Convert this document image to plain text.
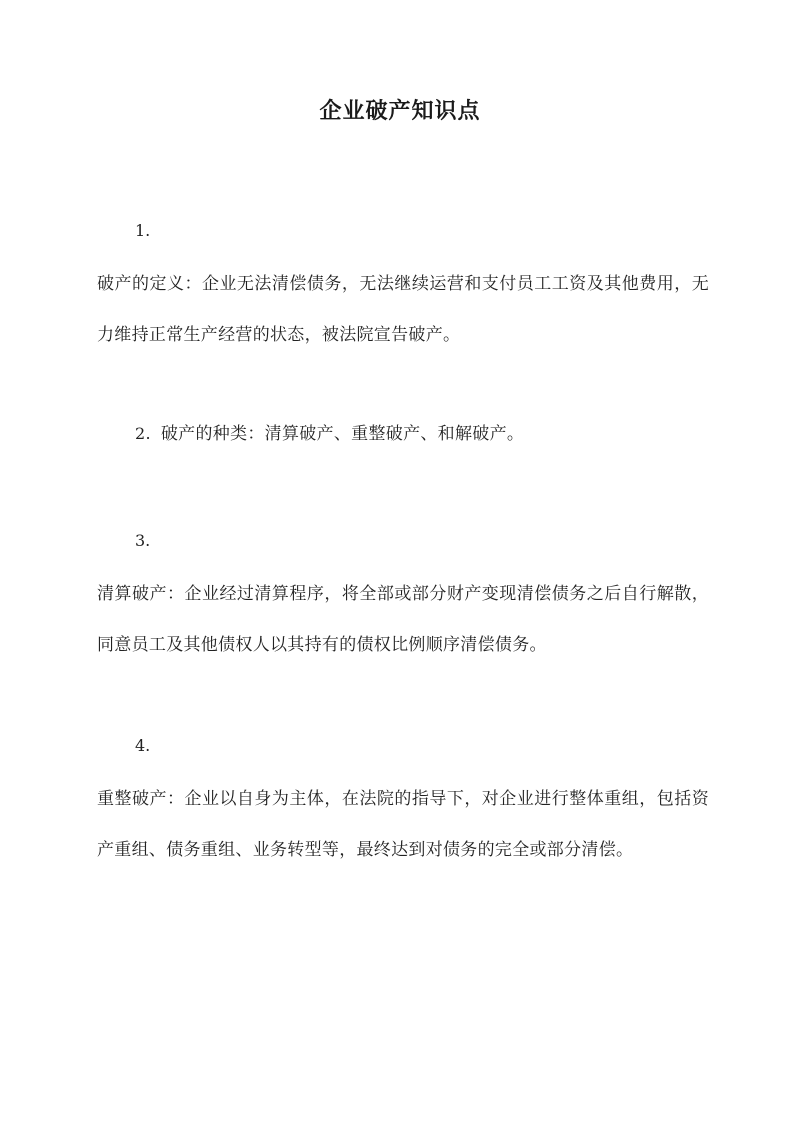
企业破产知识点
1.

破产的定义：企业无法清偿债务，无法继续运营和支付员工工资及其他费用，无力维持正常生产经营的状态，被法院宣告破产。

2. 破产的种类：清算破产、重整破产、和解破产。
3.

清算破产：企业经过清算程序，将全部或部分财产变现清偿债务之后自行解散，同意员工及其他债权人以其持有的债权比例顺序清偿债务。

4.

重整破产：企业以自身为主体，在法院的指导下，对企业进行整体重组，包括资产重组、债务重组、业务转型等，最终达到对债务的完全或部分清偿。
